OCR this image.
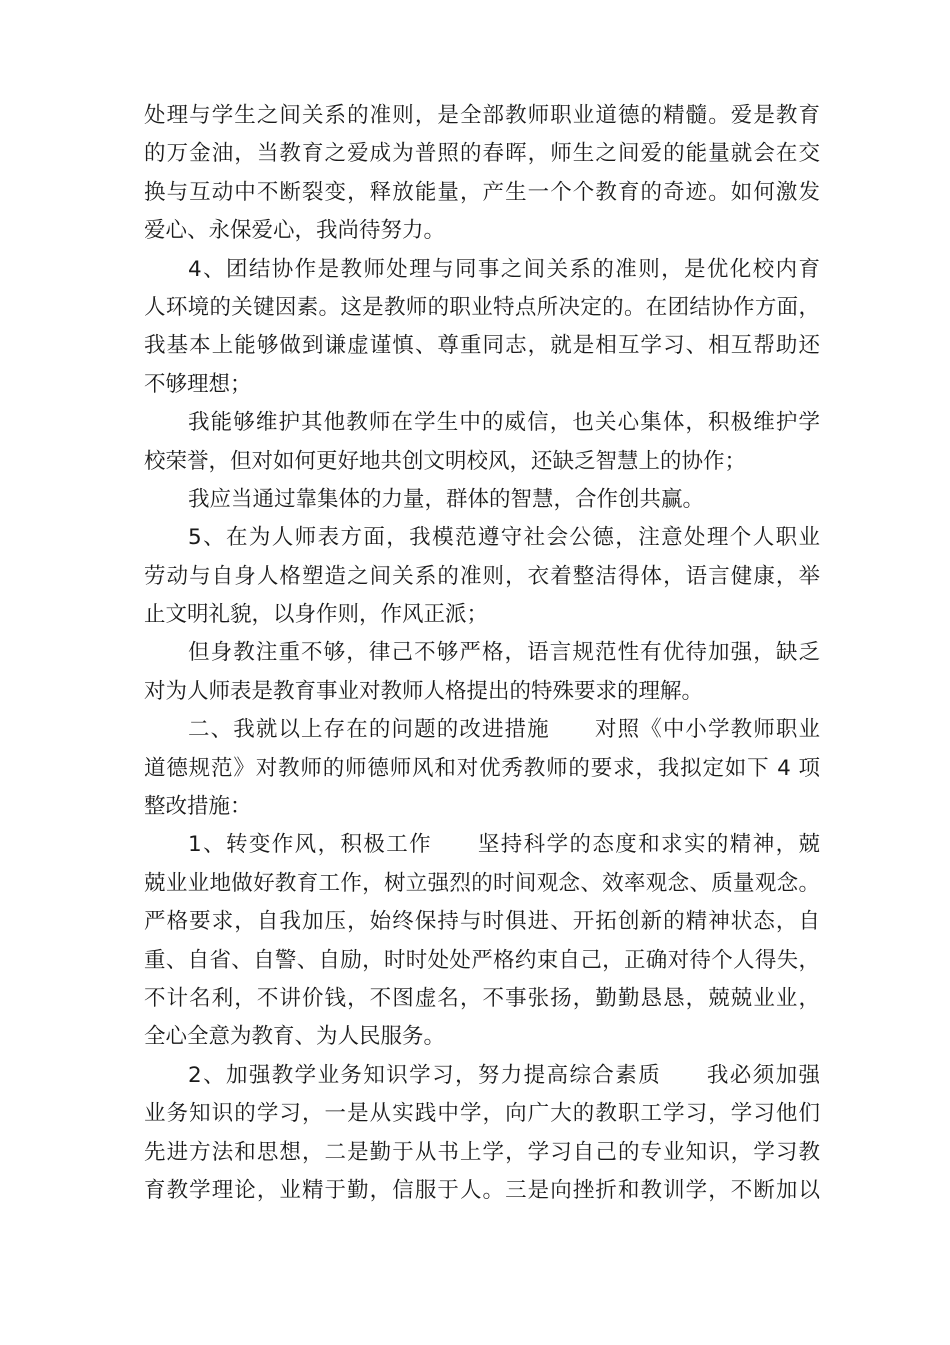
处理与学生之间关系的准则，是全部教师职业道德的精髓。爱是教育
的万金油，当教育之爱成为普照的春晖，师生之间爱的能量就会在交
换与互动中不断裂变，释放能量，产生一个个教育的奇迹。如何激发
爱心、永保爱心，我尚待努力。
4、团结协作是教师处理与同事之间关系的准则，是优化校内育
人环境的关键因素。这是教师的职业特点所决定的。在团结协作方面，
我基本上能够做到谦虚谨慎、尊重同志，就是相互学习、相互帮助还
不够理想；
我能够维护其他教师在学生中的威信，也关心集体，积极维护学
校荣誉，但对如何更好地共创文明校风，还缺乏智慧上的协作；
我应当通过靠集体的力量，群体的智慧，合作创共赢。
5、在为人师表方面，我模范遵守社会公德，注意处理个人职业
劳动与自身人格塑造之间关系的准则，衣着整洁得体，语言健康，举
止文明礼貌，以身作则，作风正派；
但身教注重不够，律己不够严格，语言规范性有优待加强，缺乏
对为人师表是教育事业对教师人格提出的特殊要求的理解。
二、我就以上存在的问题的改进措施　　对照《中小学教师职业
道德规范》对教师的师德师风和对优秀教师的要求，我拟定如下 4 项
整改措施：
1、转变作风，积极工作　　坚持科学的态度和求实的精神，兢
兢业业地做好教育工作，树立强烈的时间观念、效率观念、质量观念。
严格要求，自我加压，始终保持与时俱进、开拓创新的精神状态，自
重、自省、自警、自励，时时处处严格约束自己，正确对待个人得失，
不计名利，不讲价钱，不图虚名，不事张扬，勤勤恳恳，兢兢业业，
全心全意为教育、为人民服务。
2、加强教学业务知识学习，努力提高综合素质　　我必须加强
业务知识的学习，一是从实践中学，向广大的教职工学习，学习他们
先进方法和思想，二是勤于从书上学，学习自己的专业知识，学习教
育教学理论，业精于勤，信服于人。三是向挫折和教训学，不断加以
